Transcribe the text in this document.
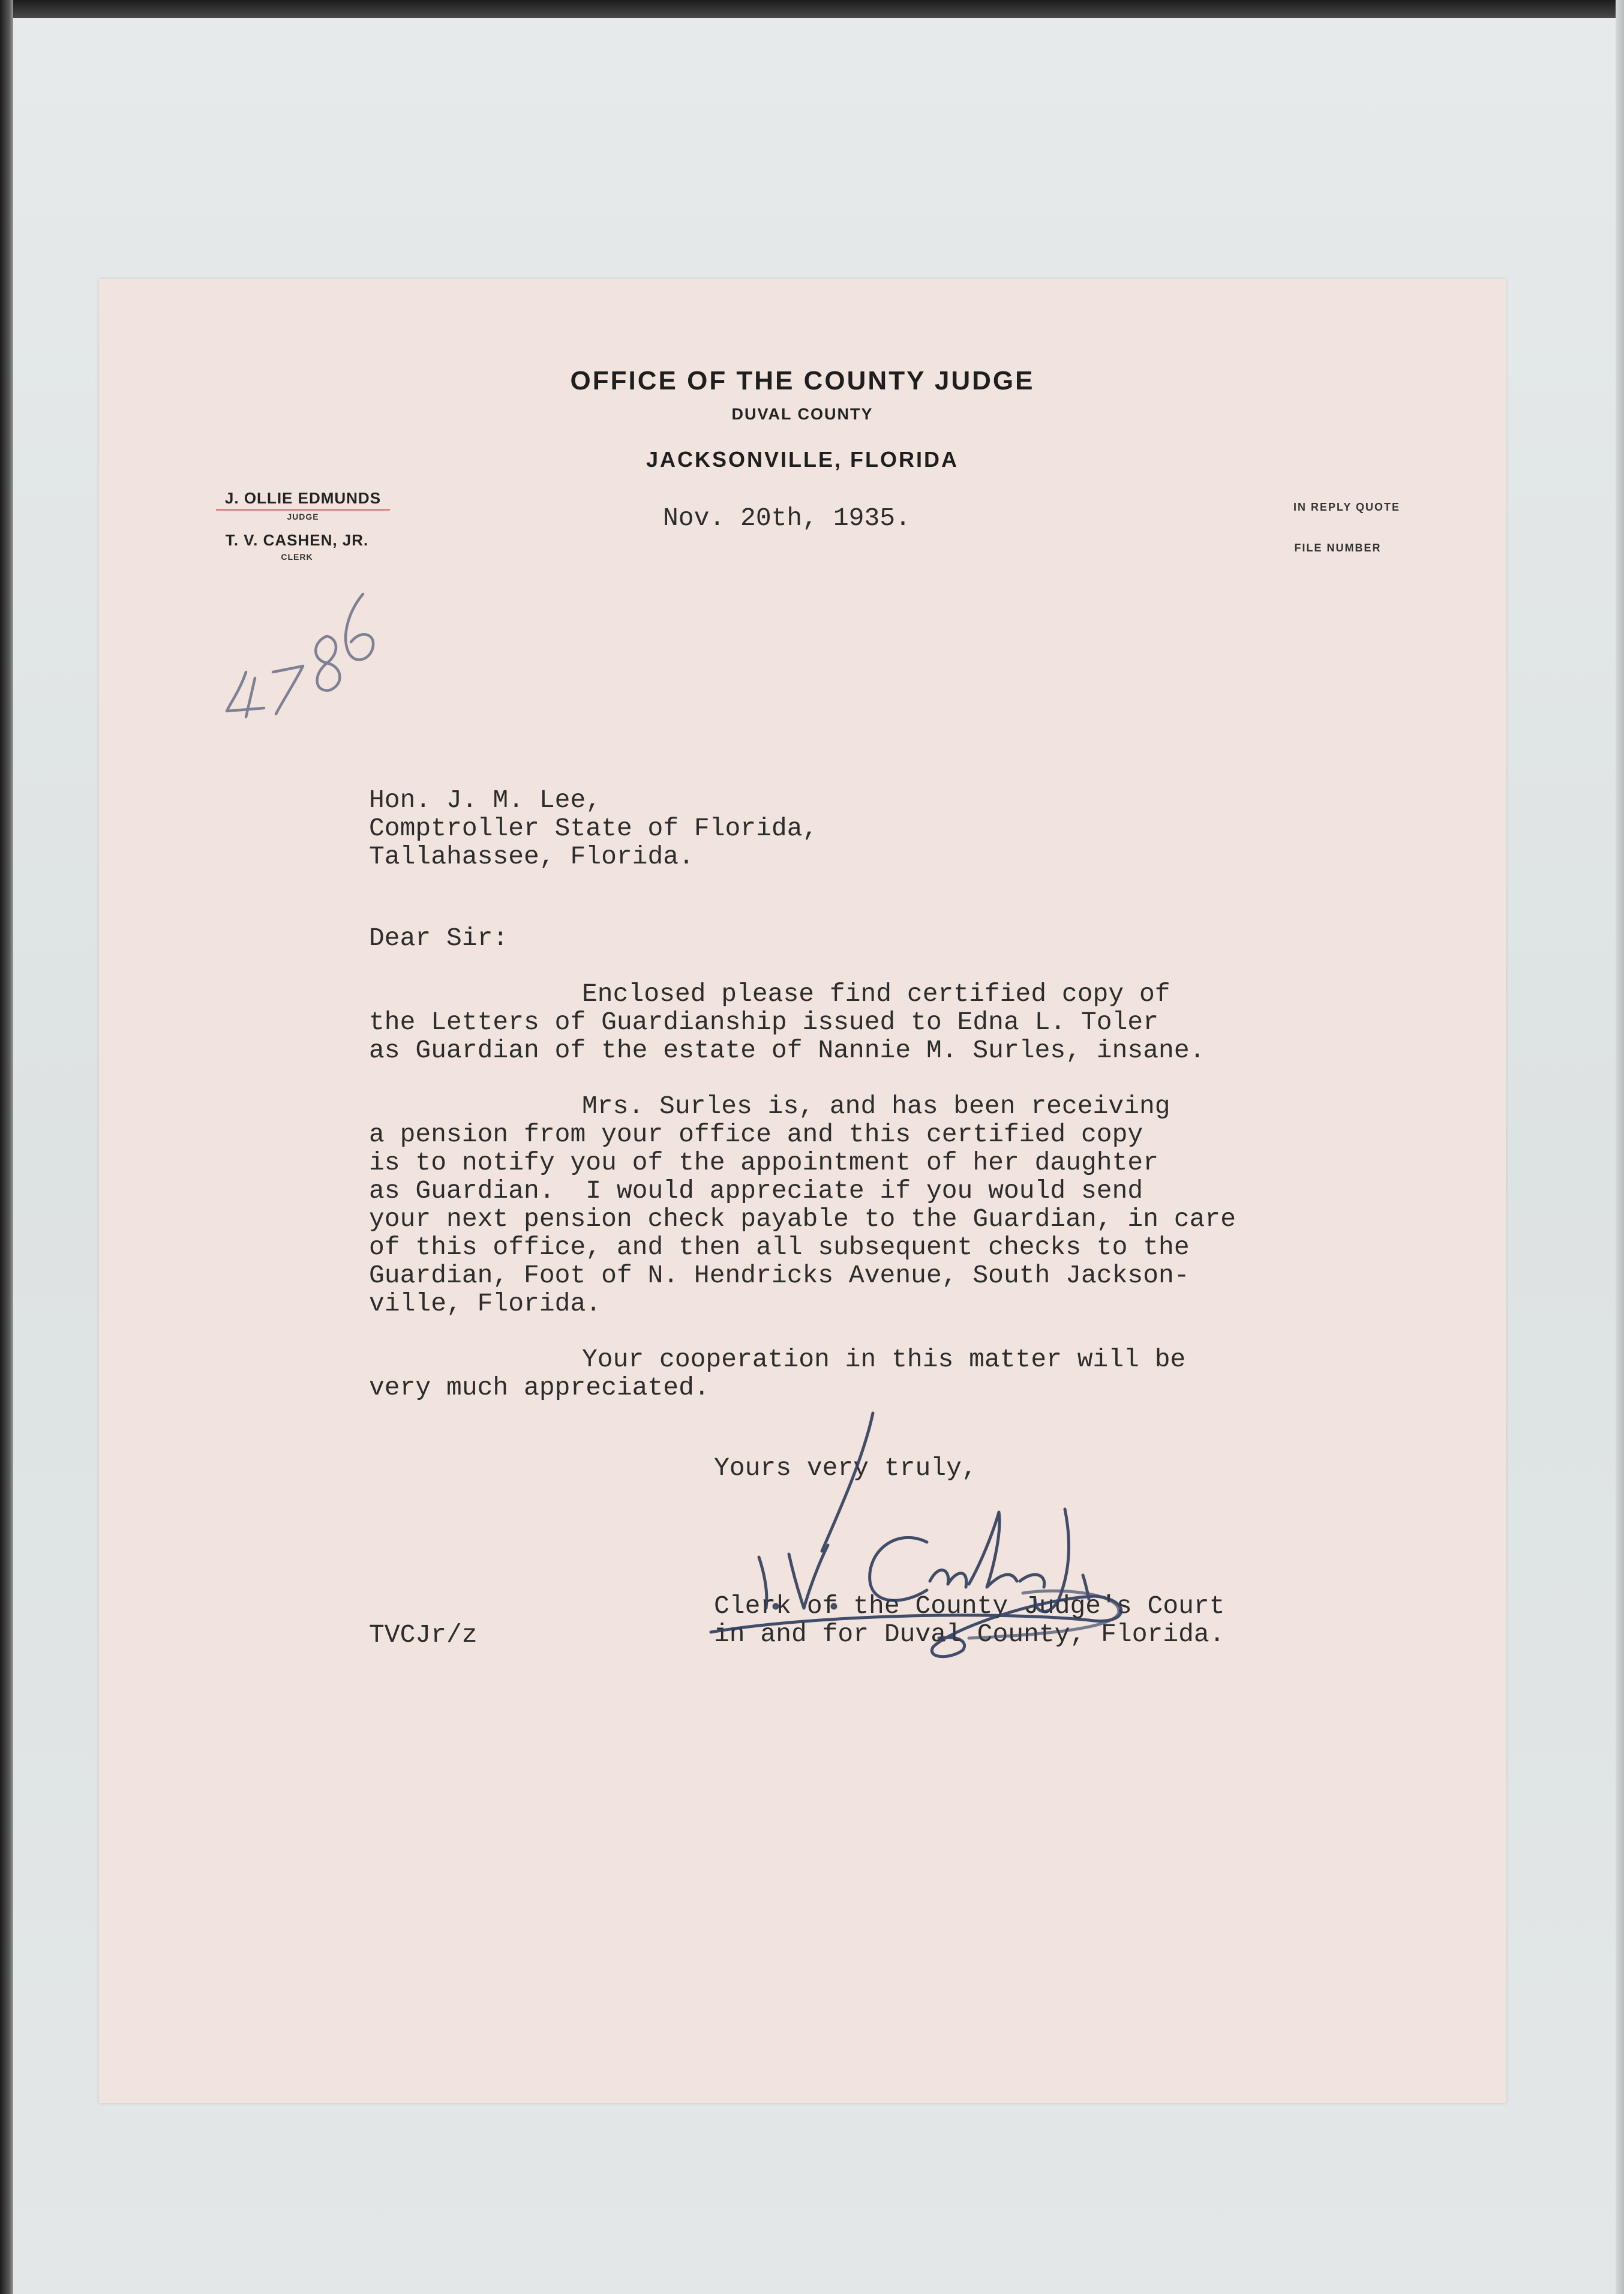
OFFICE OF THE COUNTY JUDGE
DUVAL COUNTY
JACKSONVILLE, FLORIDA
J. OLLIE EDMUNDS
JUDGE
T. V. CASHEN, JR.
CLERK
IN REPLY QUOTE
FILE NUMBER
Nov. 20th, 1935.
Hon. J. M. Lee,
Comptroller State of Florida,
Tallahassee, Florida.
Dear Sir:
Enclosed please find certified copy of
the Letters of Guardianship issued to Edna L. Toler
as Guardian of the estate of Nannie M. Surles, insane.
Mrs. Surles is, and has been receiving
a pension from your office and this certified copy
is to notify you of the appointment of her daughter
as Guardian.  I would appreciate if you would send
your next pension check payable to the Guardian, in care
of this office, and then all subsequent checks to the
Guardian, Foot of N. Hendricks Avenue, South Jackson-
ville, Florida.
Your cooperation in this matter will be
very much appreciated.
Yours very truly,
Clerk of the County Judge's Court
in and for Duval County, Florida.
TVCJr/z
